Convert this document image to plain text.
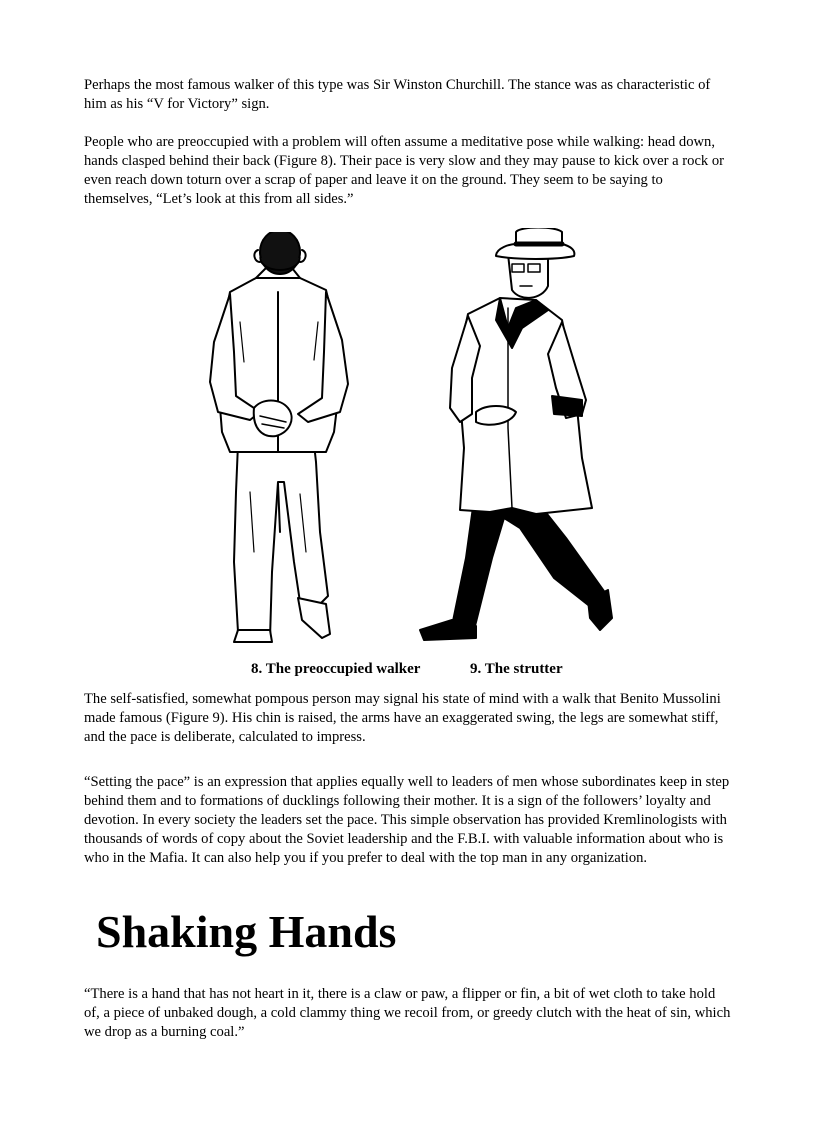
Perhaps the most famous walker of this type was Sir Winston Churchill. The stance was as characteristic of him as his “V for Victory” sign.

People who are preoccupied with a problem will often assume a meditative pose while walking: head down, hands clasped behind their back (Figure 8). Their pace is very slow and they may pause to kick over a rock or even reach down toturn over a scrap of paper and leave it on the ground. They seem to be saying to themselves, “Let’s look at this from all sides.”

8. The preoccupied walker	9. The strutter

The self-satisfied, somewhat pompous person may signal his state of mind with a walk that Benito Mussolini made famous (Figure 9). His chin is raised, the arms have an exaggerated swing, the legs are somewhat stiff, and the pace is deliberate, calculated to impress.

“Setting the pace” is an expression that applies equally well to leaders of men whose subordinates keep in step behind them and to formations of ducklings following their mother. It is a sign of the followers’ loyalty and devotion. In every society the leaders set the pace. This simple observation has provided Kremlinologists with thousands of words of copy about the Soviet leadership and the F.B.I. with valuable information about who is who in the Mafia. It can also help you if you prefer to deal with the top man in any organization.

Shaking Hands

“There is a hand that has not heart in it, there is a claw or paw, a flipper or fin, a bit of wet cloth to take hold of, a piece of unbaked dough, a cold clammy thing we recoil from, or greedy clutch with the heat of sin, which we drop as a burning coal.”
